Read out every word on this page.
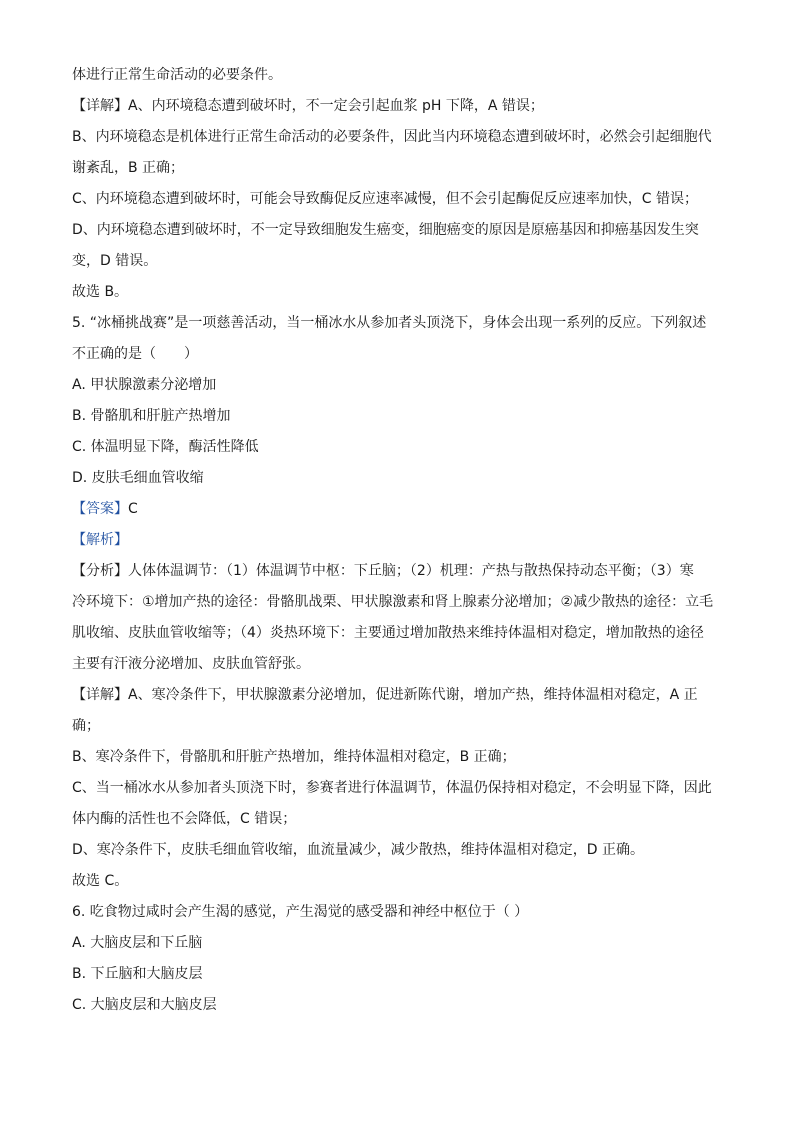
体进行正常生命活动的必要条件。
【详解】A、内环境稳态遭到破坏时，不一定会引起血浆 pH 下降，A 错误；
B、内环境稳态是机体进行正常生命活动的必要条件，因此当内环境稳态遭到破坏时，必然会引起细胞代
谢紊乱，B 正确；
C、内环境稳态遭到破坏时，可能会导致酶促反应速率减慢，但不会引起酶促反应速率加快，C 错误；
D、内环境稳态遭到破坏时，不一定导致细胞发生癌变，细胞癌变的原因是原癌基因和抑癌基因发生突
变，D 错误。
故选 B。
5. “冰桶挑战赛”是一项慈善活动，当一桶冰水从参加者头顶浇下，身体会出现一系列的反应。下列叙述
不正确的是（　　）
A. 甲状腺激素分泌增加
B. 骨骼肌和肝脏产热增加
C. 体温明显下降，酶活性降低
D. 皮肤毛细血管收缩
【答案】C
【解析】
【分析】人体体温调节：（1）体温调节中枢：下丘脑；（2）机理：产热与散热保持动态平衡；（3）寒
冷环境下：①增加产热的途径：骨骼肌战栗、甲状腺激素和肾上腺素分泌增加；②减少散热的途径：立毛
肌收缩、皮肤血管收缩等；（4）炎热环境下：主要通过增加散热来维持体温相对稳定，增加散热的途径
主要有汗液分泌增加、皮肤血管舒张。
【详解】A、寒冷条件下，甲状腺激素分泌增加，促进新陈代谢，增加产热，维持体温相对稳定，A 正
确；
B、寒冷条件下，骨骼肌和肝脏产热增加，维持体温相对稳定，B 正确；
C、当一桶冰水从参加者头顶浇下时，参赛者进行体温调节，体温仍保持相对稳定，不会明显下降，因此
体内酶的活性也不会降低，C 错误；
D、寒冷条件下，皮肤毛细血管收缩，血流量减少，减少散热，维持体温相对稳定，D 正确。
故选 C。
6. 吃食物过咸时会产生渴的感觉，产生渴觉的感受器和神经中枢位于（ ）
A. 大脑皮层和下丘脑
B. 下丘脑和大脑皮层
C. 大脑皮层和大脑皮层
